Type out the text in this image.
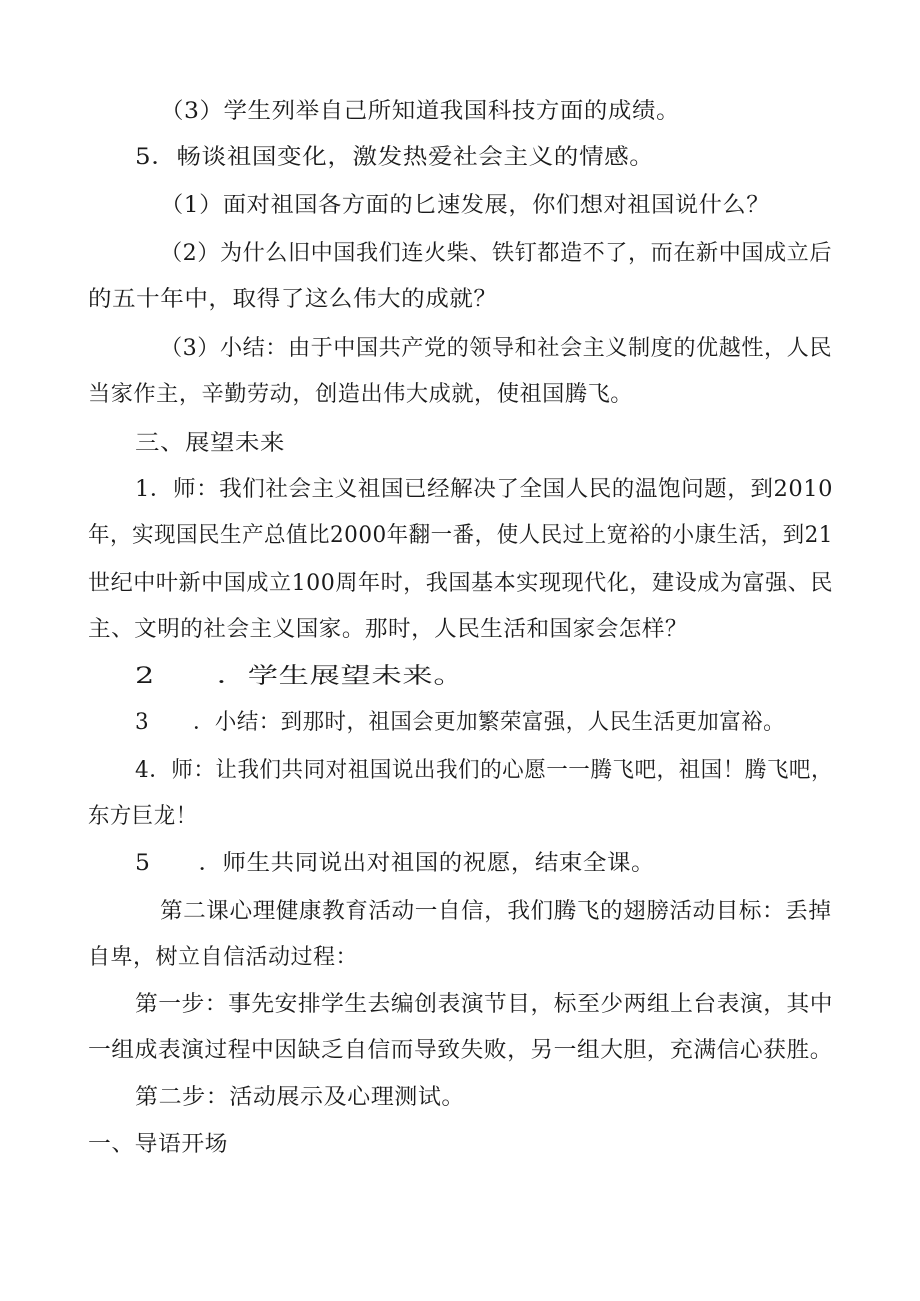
（3）学生列举自己所知道我国科技方面的成绩。
5．畅谈祖国变化，激发热爱社会主义的情感。
（1）面对祖国各方面的匕速发展，你们想对祖国说什么？
（2）为什么旧中国我们连火柴、铁钉都造不了，而在新中国成立后
的五十年中，取得了这么伟大的成就？
（3）小结：由于中国共产党的领导和社会主义制度的优越性，人民
当家作主，辛勤劳动，创造出伟大成就，使祖国腾飞。
三、展望未来
1．师：我们社会主义祖国已经解决了全国人民的温饱问题，到2010
年，实现国民生产总值比2000年翻一番，使人民过上宽裕的小康生活，到21
世纪中叶新中国成立100周年时，我国基本实现现代化，建设成为富强、民
主、文明的社会主义国家。那时，人民生活和国家会怎样？
2　　．学生展望未来。
3　　．小结：到那时，祖国会更加繁荣富强，人民生活更加富裕。
4．师：让我们共同对祖国说出我们的心愿一一腾飞吧，祖国！腾飞吧，
东方巨龙！
5　　．师生共同说出对祖国的祝愿，结束全课。
第二课心理健康教育活动一自信，我们腾飞的翅膀活动目标：丢掉
自卑，树立自信活动过程：
第一步：事先安排学生去编创表演节目，标至少两组上台表演，其中
一组成表演过程中因缺乏自信而导致失败，另一组大胆，充满信心获胜。
第二步：活动展示及心理测试。
一、导语开场
